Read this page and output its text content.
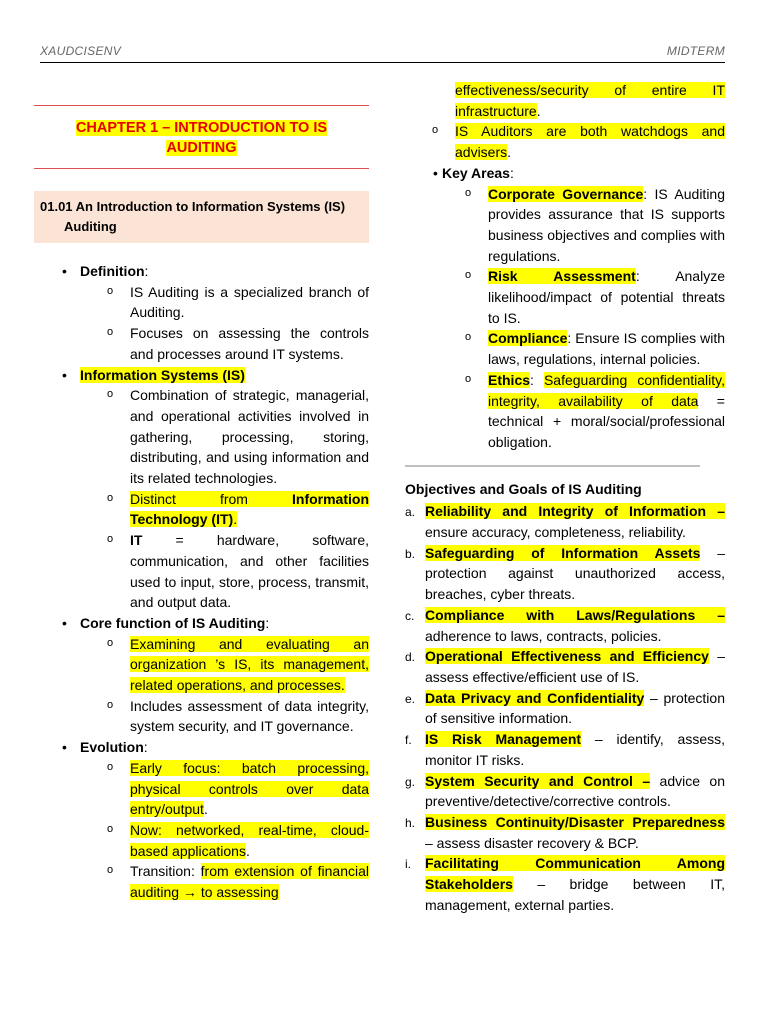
XAUDCISENV	MIDTERM
CHAPTER 1 – INTRODUCTION TO IS
AUDITING
01.01 An Introduction to Information Systems (IS)
Auditing
• Definition:
o IS Auditing is a specialized branch of Auditing.
o Focuses on assessing the controls and processes around IT systems.
• Information Systems (IS)
o Combination of strategic, managerial, and operational activities involved in gathering, processing, storing, distributing, and using information and its related technologies.
o Distinct from Information Technology (IT).
o IT = hardware, software, communication, and other facilities used to input, store, process, transmit, and output data.
• Core function of IS Auditing:
o Examining and evaluating an organization ’s IS, its management, related operations, and processes.
o Includes assessment of data integrity, system security, and IT governance.
• Evolution:
o Early focus: batch processing, physical controls over data entry/output.
o Now: networked, real-time, cloud-based applications.
o Transition: from extension of financial auditing → to assessing
effectiveness/security of entire IT infrastructure.
o IS Auditors are both watchdogs and advisers.
• Key Areas:
o Corporate Governance: IS Auditing provides assurance that IS supports business objectives and complies with regulations.
o Risk Assessment: Analyze likelihood/impact of potential threats to IS.
o Compliance: Ensure IS complies with laws, regulations, internal policies.
o Ethics: Safeguarding confidentiality, integrity, availability of data = technical + moral/social/professional obligation.
Objectives and Goals of IS Auditing
a. Reliability and Integrity of Information – ensure accuracy, completeness, reliability.
b. Safeguarding of Information Assets – protection against unauthorized access, breaches, cyber threats.
c. Compliance with Laws/Regulations – adherence to laws, contracts, policies.
d. Operational Effectiveness and Efficiency – assess effective/efficient use of IS.
e. Data Privacy and Confidentiality – protection of sensitive information.
f. IS Risk Management – identify, assess, monitor IT risks.
g. System Security and Control – advice on preventive/detective/corrective controls.
h. Business Continuity/Disaster Preparedness – assess disaster recovery & BCP.
i. Facilitating Communication Among Stakeholders – bridge between IT, management, external parties.
